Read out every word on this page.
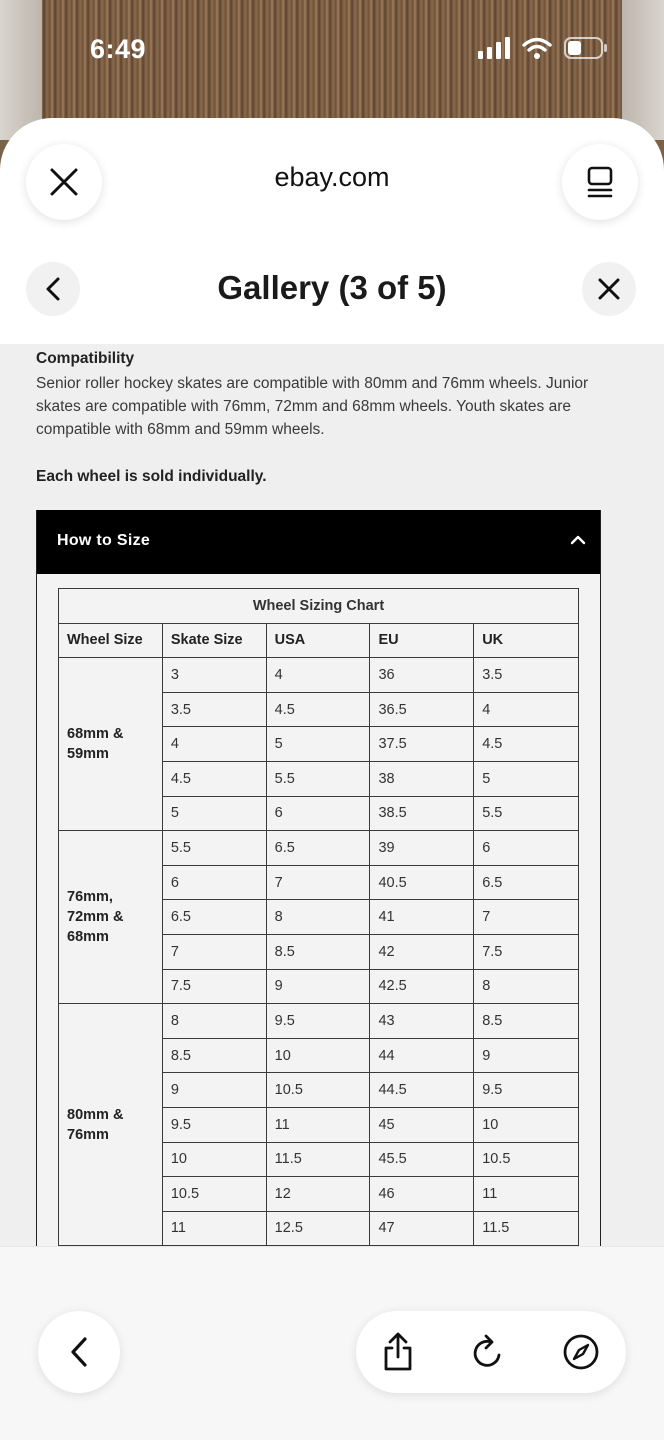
6:49
ebay.com
Gallery (3 of 5)
Compatibility
Senior roller hockey skates are compatible with 80mm and 76mm wheels. Junior skates are compatible with 76mm, 72mm and 68mm wheels. Youth skates are compatible with 68mm and 59mm wheels.
Each wheel is sold individually.
How to Size
Wheel Sizing Chart				
Wheel Size	Skate Size	USA	EU	UK
68mm & 59mm	3	4	36	3.5
	3.5	4.5	36.5	4
	4	5	37.5	4.5
	4.5	5.5	38	5
	5	6	38.5	5.5
76mm, 72mm & 68mm	5.5	6.5	39	6
	6	7	40.5	6.5
	6.5	8	41	7
	7	8.5	42	7.5
	7.5	9	42.5	8
80mm & 76mm	8	9.5	43	8.5
	8.5	10	44	9
	9	10.5	44.5	9.5
	9.5	11	45	10
	10	11.5	45.5	10.5
	10.5	12	46	11
	11	12.5	47	11.5
